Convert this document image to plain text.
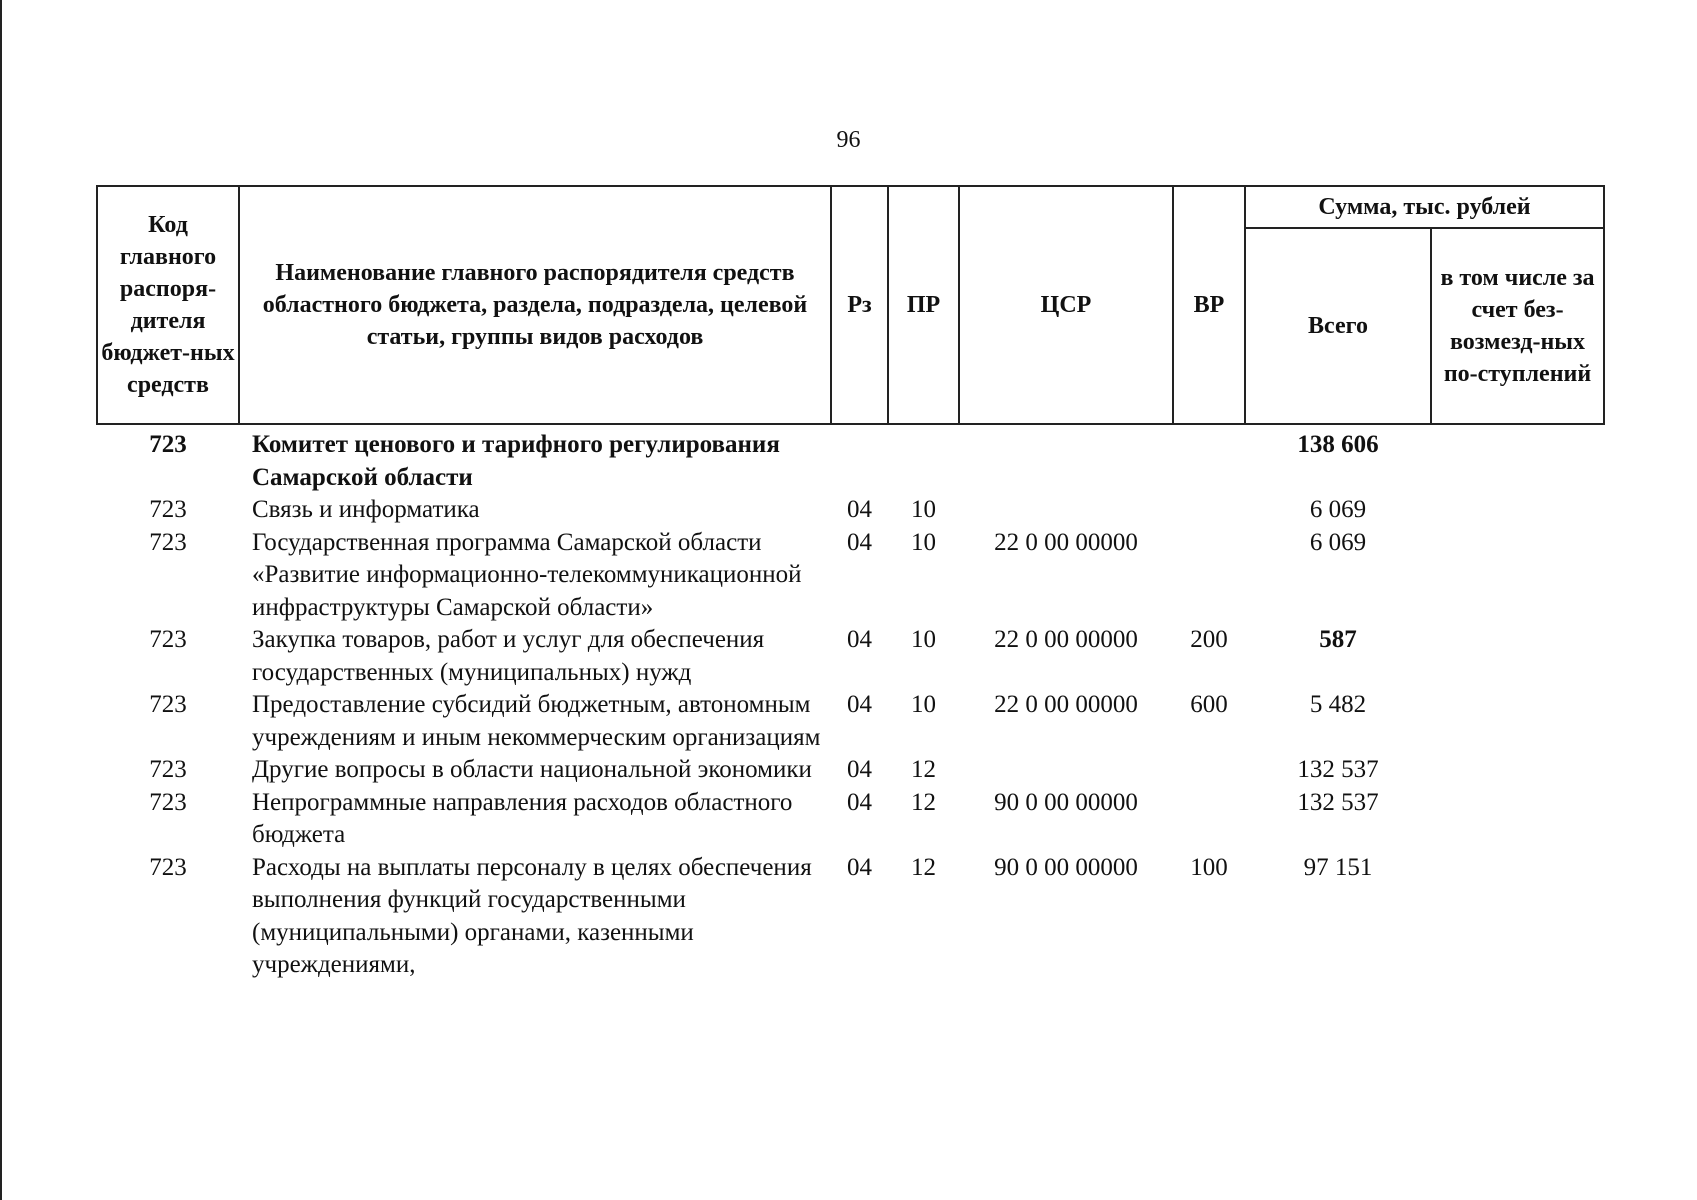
96
Код главного распоря-дителя бюджет-ных средств	Наименование главного распорядителя средств областного бюджета, раздела, подраздела, целевой статьи, группы видов расходов	Рз	ПР	ЦСР	ВР	Сумма, тыс. рублей	
						Всего	в том числе за счет без-возмезд-ных по-ступлений
723	Комитет ценового и тарифного регулирования Самарской области					138 606	
723	Связь и информатика	04	10			6 069	
723	Государственная программа Самарской области «Развитие информационно-телекоммуникационной инфраструктуры Самарской области»	04	10	22 0 00 00000		6 069	
723	Закупка товаров, работ и услуг для обеспечения государственных (муниципальных) нужд	04	10	22 0 00 00000	200	587	
723	Предоставление субсидий бюджетным, автономным учреждениям и иным некоммерческим организациям	04	10	22 0 00 00000	600	5 482	
723	Другие вопросы в области национальной экономики	04	12			132 537	
723	Непрограммные направления расходов областного бюджета	04	12	90 0 00 00000		132 537	
723	Расходы на выплаты персоналу в целях обеспечения выполнения функций государственными (муниципальными) органами, казенными учреждениями,	04	12	90 0 00 00000	100	97 151	
